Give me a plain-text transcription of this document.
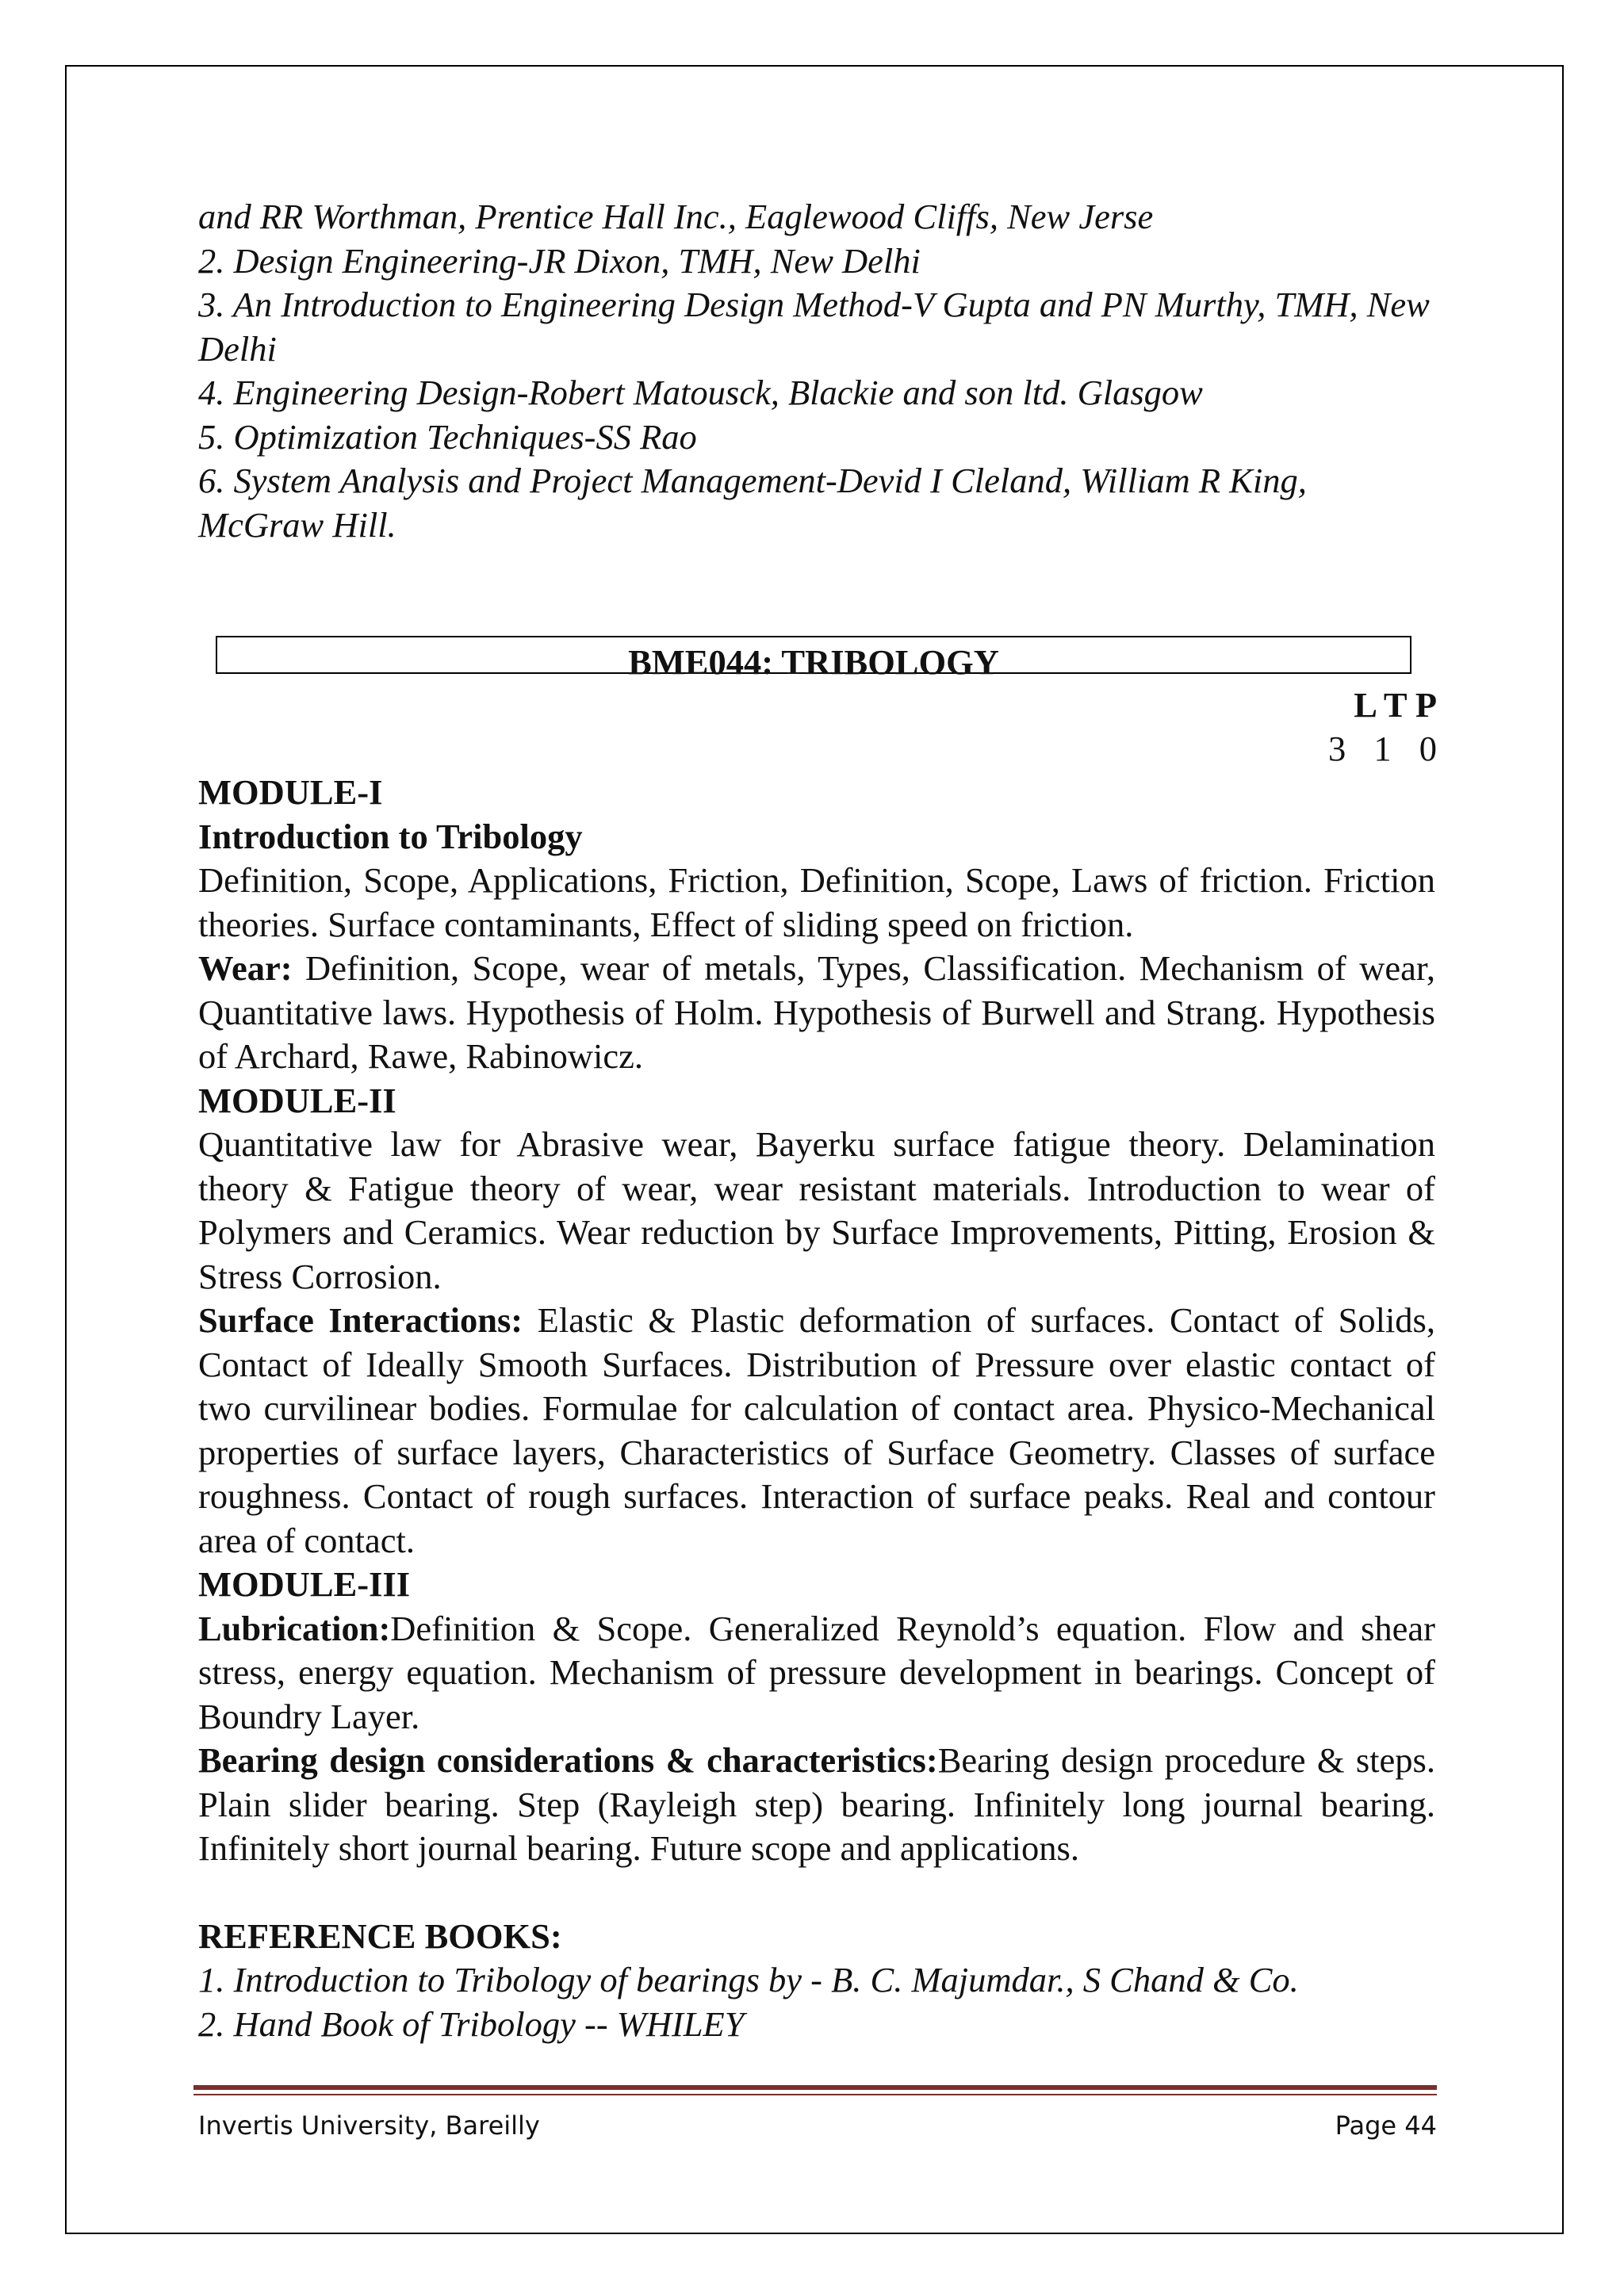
and RR Worthman, Prentice Hall Inc., Eaglewood Cliffs, New Jerse

2. Design Engineering-JR Dixon, TMH, New Delhi

3. An Introduction to Engineering Design Method-V Gupta and PN Murthy, TMH, New Delhi

4. Engineering Design-Robert Matousck, Blackie and son ltd. Glasgow

5. Optimization Techniques-SS Rao

6. System Analysis and Project Management-Devid I Cleland, William R King, McGraw Hill.

BME044: TRIBOLOGY
L T P
3 1 0

MODULE-I

Introduction to Tribology

Definition, Scope, Applications, Friction, Definition, Scope, Laws of friction. Friction theories. Surface contaminants, Effect of sliding speed on friction.

Wear: Definition, Scope, wear of metals, Types, Classification. Mechanism of wear, Quantitative laws. Hypothesis of Holm. Hypothesis of Burwell and Strang. Hypothesis of Archard, Rawe, Rabinowicz.

MODULE-II

Quantitative law for Abrasive wear, Bayerku surface fatigue theory. Delamination theory & Fatigue theory of wear, wear resistant materials. Introduction to wear of Polymers and Ceramics. Wear reduction by Surface Improvements, Pitting, Erosion & Stress Corrosion.

Surface Interactions: Elastic & Plastic deformation of surfaces. Contact of Solids, Contact of Ideally Smooth Surfaces. Distribution of Pressure over elastic contact of two curvilinear bodies. Formulae for calculation of contact area. Physico-Mechanical properties of surface layers, Characteristics of Surface Geometry. Classes of surface roughness. Contact of rough surfaces. Interaction of surface peaks. Real and contour area of contact.

MODULE-III

Lubrication:Definition & Scope. Generalized Reynold’s equation. Flow and shear stress, energy equation. Mechanism of pressure development in bearings. Concept of Boundry Layer.

Bearing design considerations & characteristics:Bearing design procedure & steps. Plain slider bearing. Step (Rayleigh step) bearing. Infinitely long journal bearing. Infinitely short journal bearing. Future scope and applications.

REFERENCE BOOKS:

1. Introduction to Tribology of bearings by - B. C. Majumdar., S Chand & Co.

2. Hand Book of Tribology -- WHILEY

Invertis University, Bareilly	Page 44
